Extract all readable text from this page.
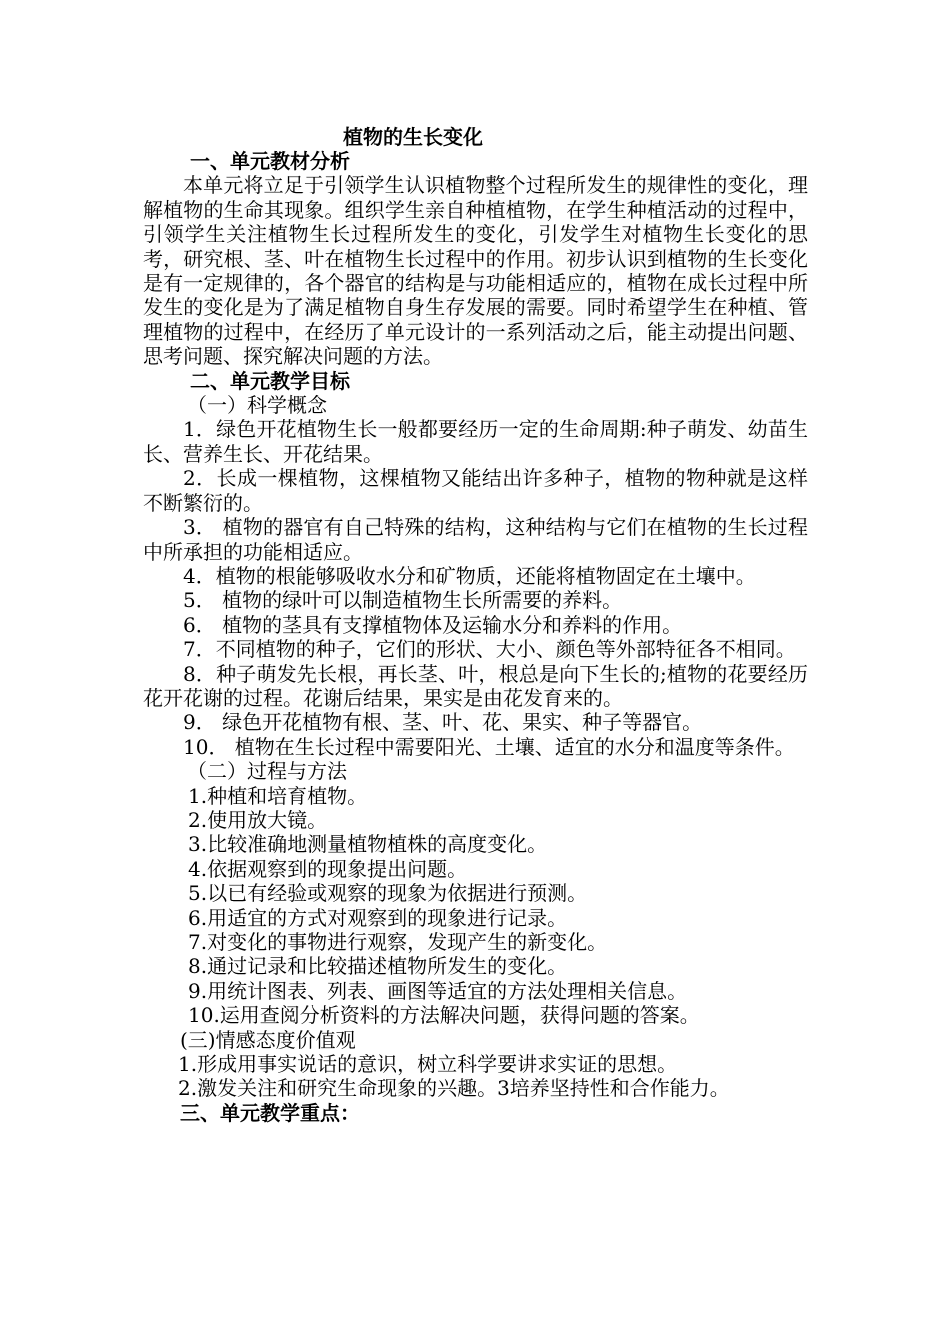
植物的生长变化

一、单元教材分析

本单元将立足于引领学生认识植物整个过程所发生的规律性的变化，理解植物的生命其现象。组织学生亲自种植植物，在学生种植活动的过程中，引领学生关注植物生长过程所发生的变化，引发学生对植物生长变化的思考，研究根、茎、叶在植物生长过程中的作用。初步认识到植物的生长变化是有一定规律的，各个器官的结构是与功能相适应的，植物在成长过程中所发生的变化是为了满足植物自身生存发展的需要。同时希望学生在种植、管理植物的过程中，在经历了单元设计的一系列活动之后，能主动提出问题、思考问题、探究解决问题的方法。

二、单元教学目标

（一）科学概念

1．绿色开花植物生长一般都要经历一定的生命周期:种子萌发、幼苗生长、营养生长、开花结果。

2．长成一棵植物，这棵植物又能结出许多种子，植物的物种就是这样不断繁衍的。

3． 植物的器官有自己特殊的结构，这种结构与它们在植物的生长过程中所承担的功能相适应。

4．植物的根能够吸收水分和矿物质，还能将植物固定在土壤中。

5． 植物的绿叶可以制造植物生长所需要的养料。

6． 植物的茎具有支撑植物体及运输水分和养料的作用。

7．不同植物的种子，它们的形状、大小、颜色等外部特征各不相同。

8．种子萌发先长根，再长茎、叶，根总是向下生长的;植物的花要经历花开花谢的过程。花谢后结果，果实是由花发育来的。

9． 绿色开花植物有根、茎、叶、花、果实、种子等器官。

10． 植物在生长过程中需要阳光、土壤、适宜的水分和温度等条件。

（二）过程与方法

1.种植和培育植物。

2.使用放大镜。

3.比较准确地测量植物植株的高度变化。

4.依据观察到的现象提出问题。

5.以已有经验或观察的现象为依据进行预测。

6.用适宜的方式对观察到的现象进行记录。

7.对变化的事物进行观察，发现产生的新变化。

8.通过记录和比较描述植物所发生的变化。

9.用统计图表、列表、画图等适宜的方法处理相关信息。

10.运用查阅分析资料的方法解决问题，获得问题的答案。

(三)情感态度价值观

1.形成用事实说话的意识，树立科学要讲求实证的思想。

2.激发关注和研究生命现象的兴趣。3培养坚持性和合作能力。

三、单元教学重点：
